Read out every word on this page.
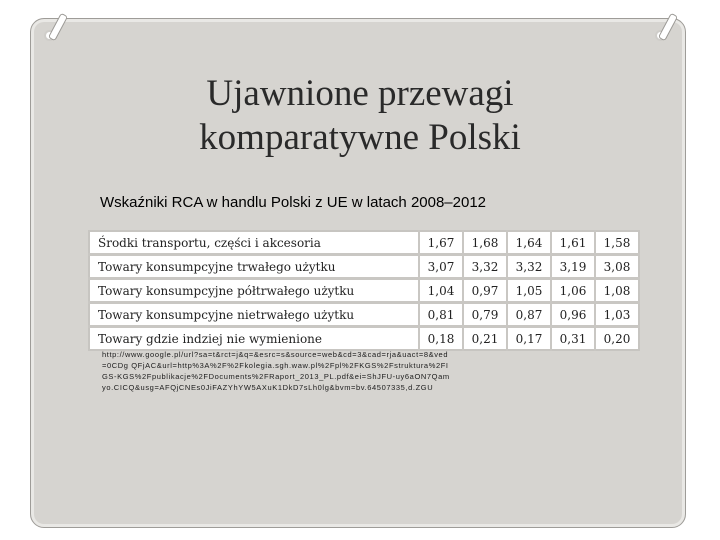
Ujawnione przewagi komparatywne Polski
Wskaźniki RCA w handlu Polski z UE w latach 2008–2012
Środki transportu, części i akcesoria	1,67	1,68	1,64	1,61	1,58
Towary konsumpcyjne trwałego użytku	3,07	3,32	3,32	3,19	3,08
Towary konsumpcyjne półtrwałego użytku	1,04	0,97	1,05	1,06	1,08
Towary konsumpcyjne nietrwałego użytku	0,81	0,79	0,87	0,96	1,03
Towary gdzie indziej nie wymienione	0,18	0,21	0,17	0,31	0,20
http://www.google.pl/url?sa=t&rct=j&q=&esrc=s&source=web&cd=3&cad=rja&uact=8&ved=0CDg QFjAC&url=http%3A%2F%2Fkolegia.sgh.waw.pl%2Fpl%2FKGS%2Fstruktura%2FIGS-KGS%2Fpublikacje%2FDocuments%2FRaport_2013_PL.pdf&ei=ShJFU-uy6aON7Qamyo.CICQ&usg=AFQjCNEs0JiFAZYhYW5AXuK1DkD7sLh0lg&bvm=bv.64507335,d.ZGU
